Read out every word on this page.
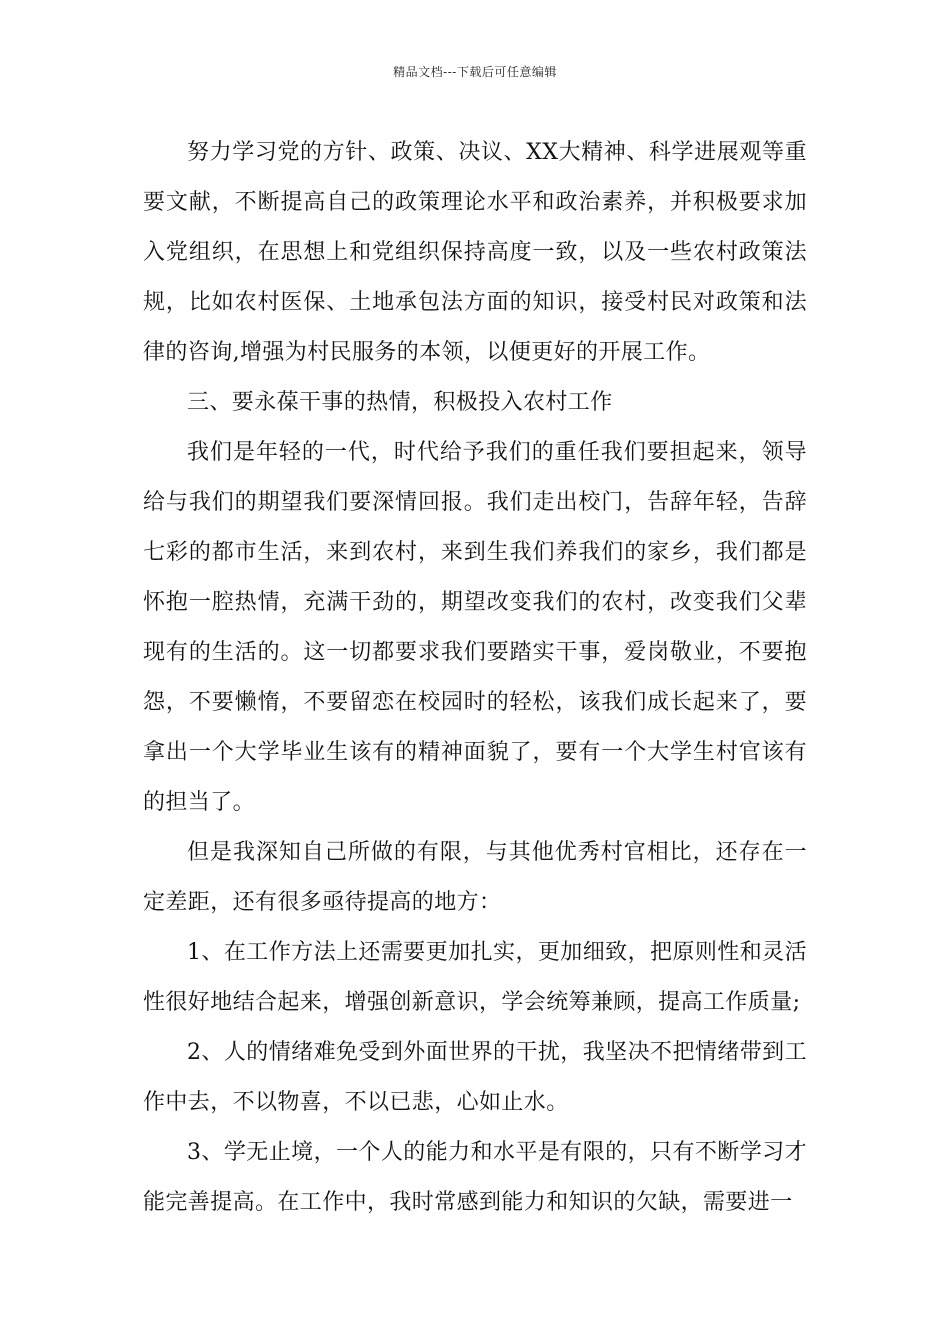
精品文档---下载后可任意编辑

努力学习党的方针、政策、决议、XX大精神、科学进展观等重要文献，不断提高自己的政策理论水平和政治素养，并积极要求加入党组织，在思想上和党组织保持高度一致，以及一些农村政策法规，比如农村医保、土地承包法方面的知识，接受村民对政策和法律的咨询,增强为村民服务的本领，以便更好的开展工作。

三、要永葆干事的热情，积极投入农村工作

我们是年轻的一代，时代给予我们的重任我们要担起来，领导给与我们的期望我们要深情回报。我们走出校门，告辞年轻，告辞七彩的都市生活，来到农村，来到生我们养我们的家乡，我们都是怀抱一腔热情，充满干劲的，期望改变我们的农村，改变我们父辈现有的生活的。这一切都要求我们要踏实干事，爱岗敬业，不要抱怨，不要懒惰，不要留恋在校园时的轻松，该我们成长起来了，要拿出一个大学毕业生该有的精神面貌了，要有一个大学生村官该有的担当了。

但是我深知自己所做的有限，与其他优秀村官相比，还存在一定差距，还有很多亟待提高的地方：

1、在工作方法上还需要更加扎实，更加细致，把原则性和灵活性很好地结合起来，增强创新意识，学会统筹兼顾，提高工作质量;

2、人的情绪难免受到外面世界的干扰，我坚决不把情绪带到工作中去，不以物喜，不以已悲，心如止水。

3、学无止境，一个人的能力和水平是有限的，只有不断学习才能完善提高。在工作中，我时常感到能力和知识的欠缺，需要进一
